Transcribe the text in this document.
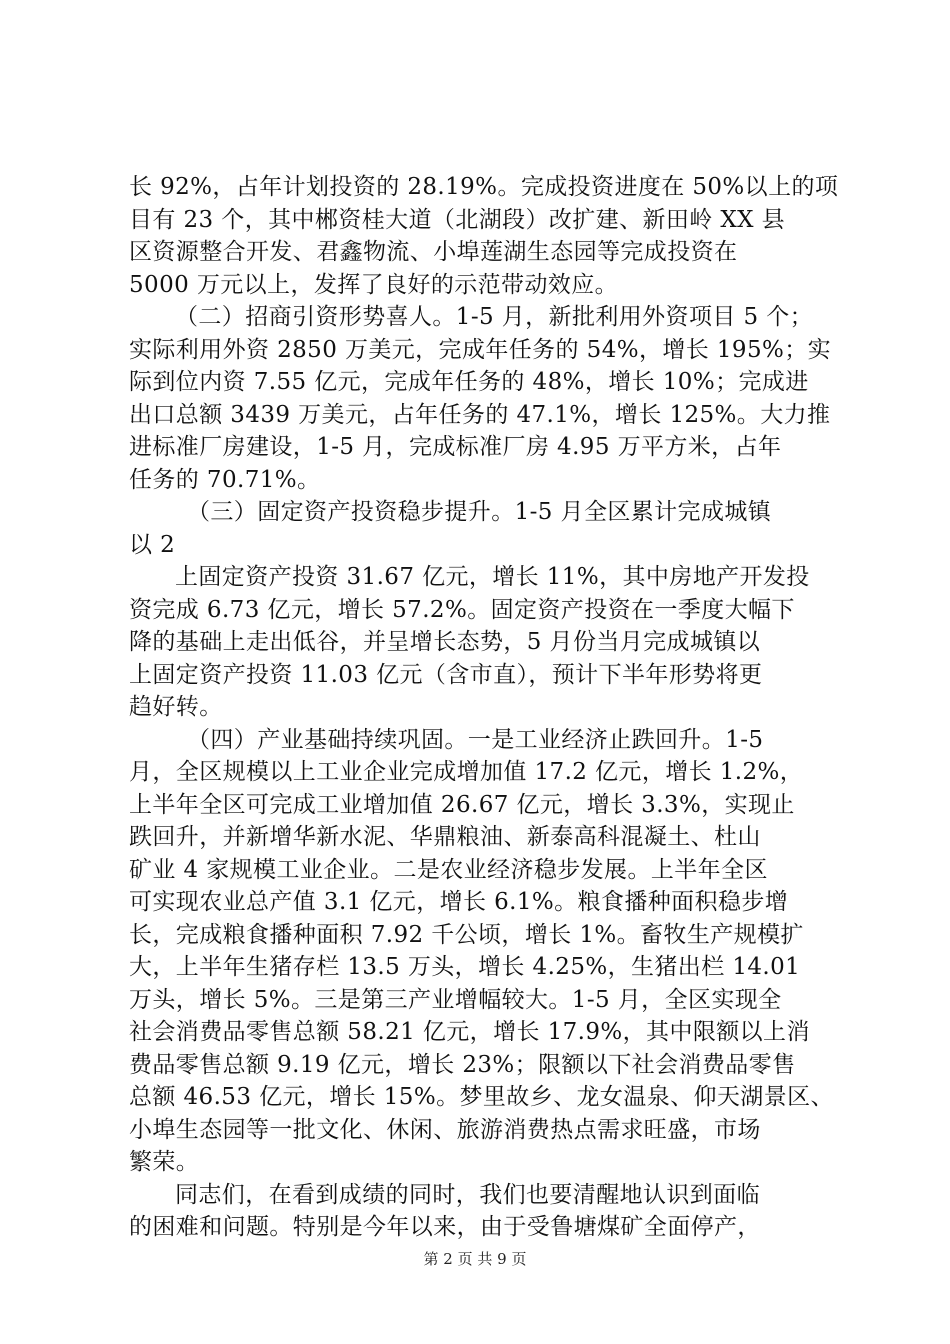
长 92%，占年计划投资的 28.19%。完成投资进度在 50%以上的项
目有 23 个，其中郴资桂大道（北湖段）改扩建、新田岭 XX 县
区资源整合开发、君鑫物流、小埠莲湖生态园等完成投资在
5000 万元以上，发挥了良好的示范带动效应。
（二）招商引资形势喜人。1-5 月，新批利用外资项目 5 个；
实际利用外资 2850 万美元，完成年任务的 54%，增长 195%；实
际到位内资 7.55 亿元，完成年任务的 48%，增长 10%；完成进
出口总额 3439 万美元，占年任务的 47.1%，增长 125%。大力推
进标准厂房建设，1-5 月，完成标准厂房 4.95 万平方米，占年
任务的 70.71%。
（三）固定资产投资稳步提升。1-5 月全区累计完成城镇
以 2
上固定资产投资 31.67 亿元，增长 11%，其中房地产开发投
资完成 6.73 亿元，增长 57.2%。固定资产投资在一季度大幅下
降的基础上走出低谷，并呈增长态势，5 月份当月完成城镇以
上固定资产投资 11.03 亿元（含市直），预计下半年形势将更
趋好转。
（四）产业基础持续巩固。一是工业经济止跌回升。1-5
月，全区规模以上工业企业完成增加值 17.2 亿元，增长 1.2%，
上半年全区可完成工业增加值 26.67 亿元，增长 3.3%，实现止
跌回升，并新增华新水泥、华鼎粮油、新泰高科混凝土、杜山
矿业 4 家规模工业企业。二是农业经济稳步发展。上半年全区
可实现农业总产值 3.1 亿元，增长 6.1%。粮食播种面积稳步增
长，完成粮食播种面积 7.92 千公顷，增长 1%。畜牧生产规模扩
大，上半年生猪存栏 13.5 万头，增长 4.25%，生猪出栏 14.01
万头，增长 5%。三是第三产业增幅较大。1-5 月，全区实现全
社会消费品零售总额 58.21 亿元，增长 17.9%，其中限额以上消
费品零售总额 9.19 亿元，增长 23%；限额以下社会消费品零售
总额 46.53 亿元，增长 15%。梦里故乡、龙女温泉、仰天湖景区、
小埠生态园等一批文化、休闲、旅游消费热点需求旺盛，市场
繁荣。
同志们，在看到成绩的同时，我们也要清醒地认识到面临
的困难和问题。特别是今年以来，由于受鲁塘煤矿全面停产，
第 2 页 共 9 页
